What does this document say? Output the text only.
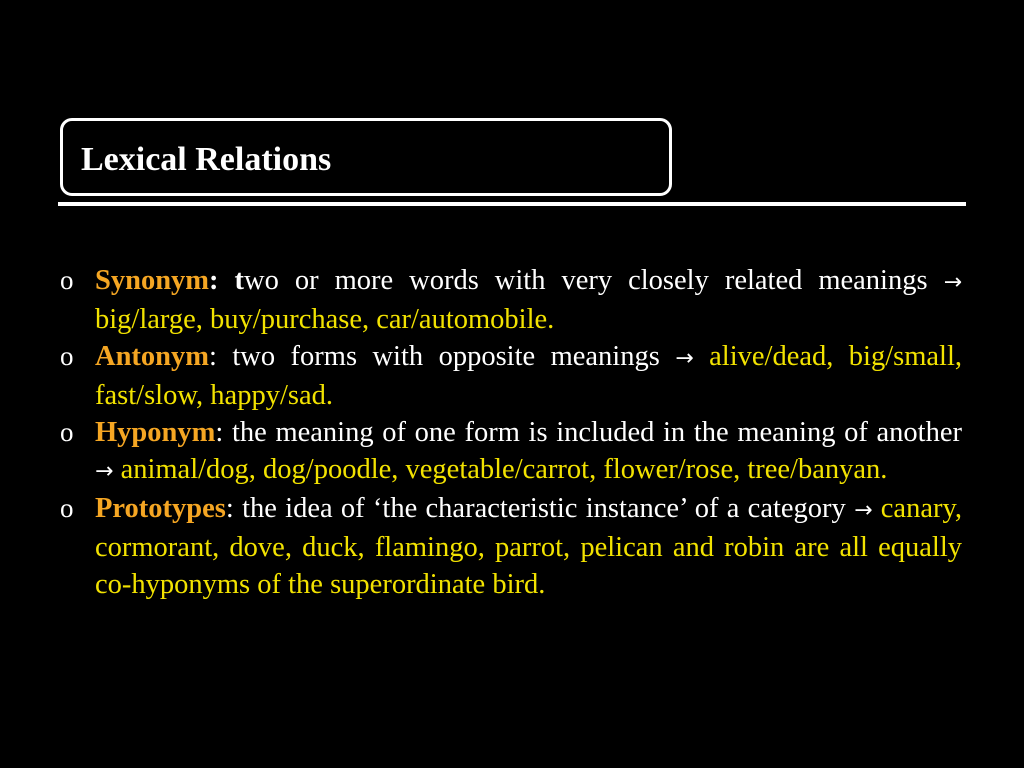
Lexical Relations
o Synonym: two or more words with very closely related meanings → big/large, buy/purchase, car/automobile.
o Antonym: two forms with opposite meanings → alive/dead, big/small, fast/slow, happy/sad.
o Hyponym: the meaning of one form is included in the meaning of another → animal/dog, dog/poodle, vegetable/carrot, flower/rose, tree/banyan.
o Prototypes: the idea of ‘the characteristic instance’ of a category → canary, cormorant, dove, duck, flamingo, parrot, pelican and robin are all equally co-hyponyms of the superordinate bird.
